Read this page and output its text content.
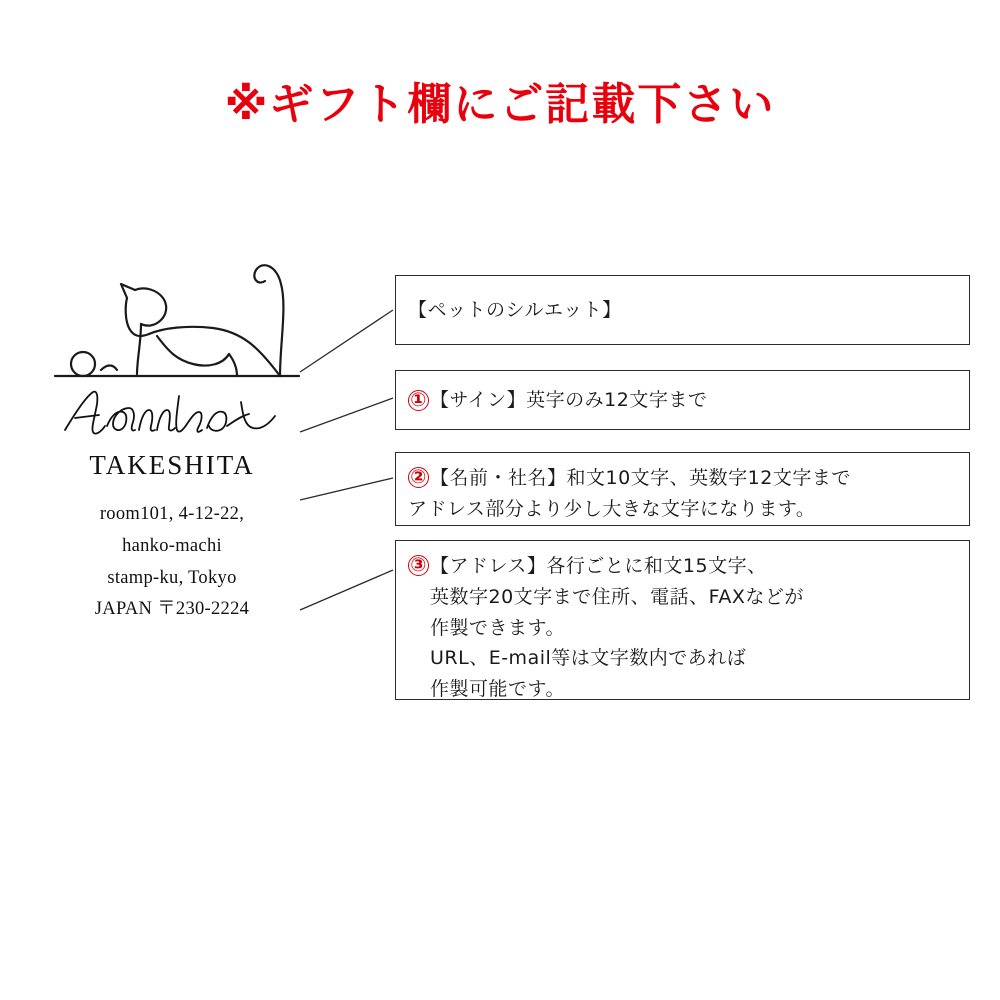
※ギフト欄にご記載下さい
TAKESHITA
room101, 4-12-22,
hanko-machi
stamp-ku, Tokyo
JAPAN 〒230-2224
【ペットのシルエット】
① 【サイン】英字のみ12文字まで
② 【名前・社名】和文10文字、英数字12文字まで
アドレス部分より少し大きな文字になります。
③ 【アドレス】各行ごとに和文15文字、
英数字20文字まで住所、電話、FAXなどが
作製できます。
URL、E-mail等は文字数内であれば
作製可能です。
